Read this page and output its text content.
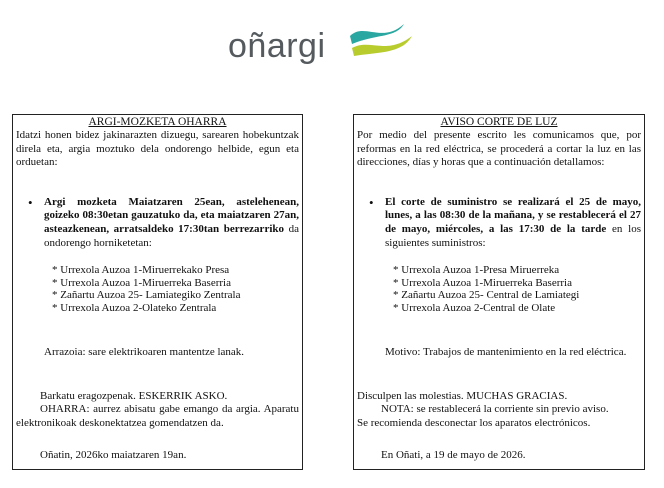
oñargi
ARGI-MOZKETA OHARRA
Idatzi honen bidez jakinarazten dizuegu, sarearen hobekuntzak direla eta, argia moztuko dela ondorengo helbide, egun eta orduetan:
•	Argi mozketa Maiatzaren 25ean, astelehenean, goizeko 08:30etan gauzatuko da, eta maiatzaren 27an, asteazkenean, arratsaldeko 17:30tan berrezarriko da ondorengo horniketetan:
* Urrexola Auzoa 1-Miruerrekako Presa
* Urrexola Auzoa 1-Miruerreka Baserria
* Zañartu Auzoa 25- Lamiategiko Zentrala
* Urrexola Auzoa 2-Olateko Zentrala
Arrazoia: sare elektrikoaren mantentze lanak.
Barkatu eragozpenak. ESKERRIK ASKO.
OHARRA: aurrez abisatu gabe emango da argia. Aparatu elektronikoak deskonektatzea gomendatzen da.
Oñatin, 2026ko maiatzaren 19an.
AVISO CORTE DE LUZ
Por medio del presente escrito les comunicamos que, por reformas en la red eléctrica, se procederá a cortar la luz en las direcciones, días y horas que a continuación detallamos:
•	El corte de suministro se realizará el 25 de mayo, lunes, a las 08:30 de la mañana, y se restablecerá el 27 de mayo, miércoles, a las 17:30 de la tarde en los siguientes suministros:
* Urrexola Auzoa 1-Presa Miruerreka
* Urrexola Auzoa 1-Miruerreka Baserria
* Zañartu Auzoa 25- Central de Lamiategi
* Urrexola Auzoa 2-Central de Olate
Motivo: Trabajos de mantenimiento en la red eléctrica.
Disculpen las molestias. MUCHAS GRACIAS.
NOTA: se restablecerá la corriente sin previo aviso.
Se recomienda desconectar los aparatos electrónicos.
En Oñati, a 19 de mayo de 2026.
